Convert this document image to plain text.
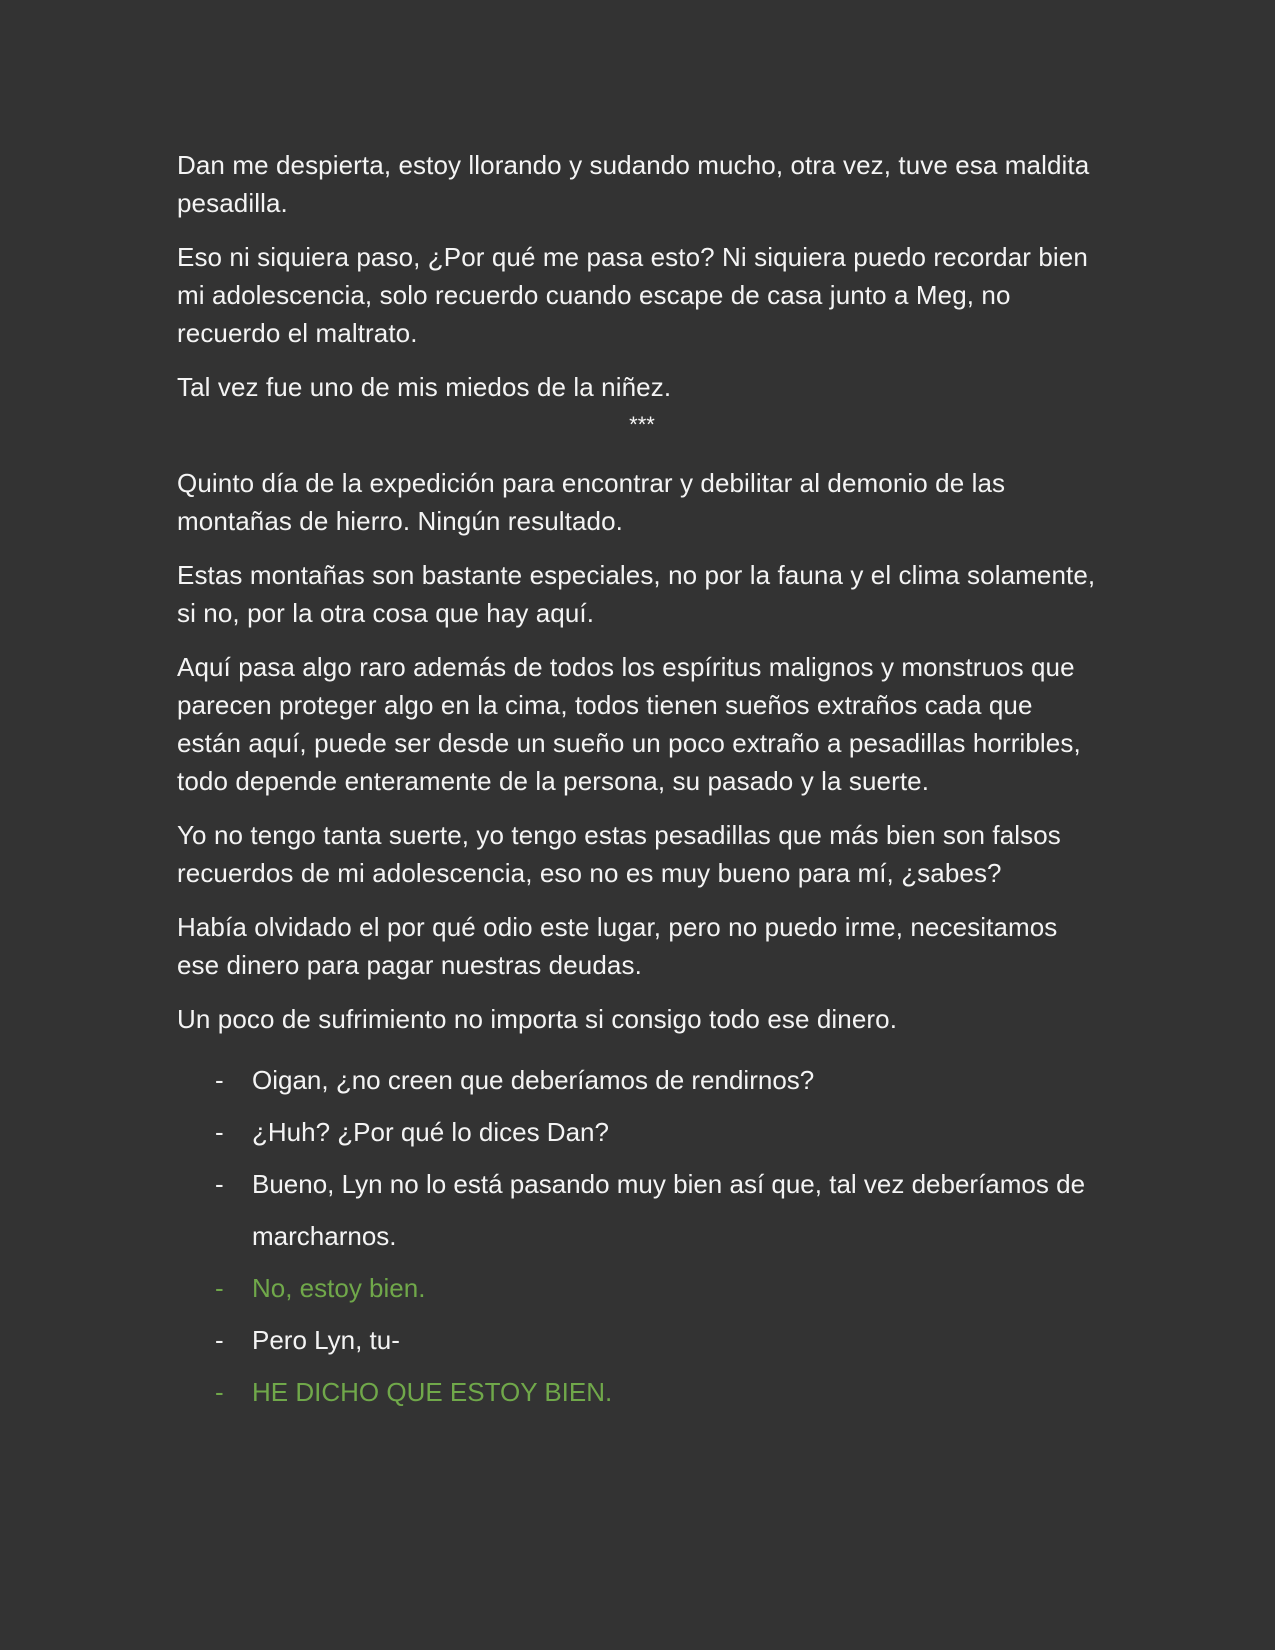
Dan me despierta, estoy llorando y sudando mucho, otra vez, tuve esa maldita pesadilla.

Eso ni siquiera paso, ¿Por qué me pasa esto? Ni siquiera puedo recordar bien mi adolescencia, solo recuerdo cuando escape de casa junto a Meg, no recuerdo el maltrato.

Tal vez fue uno de mis miedos de la niñez.

***

Quinto día de la expedición para encontrar y debilitar al demonio de las montañas de hierro. Ningún resultado.

Estas montañas son bastante especiales, no por la fauna y el clima solamente, si no, por la otra cosa que hay aquí.

Aquí pasa algo raro además de todos los espíritus malignos y monstruos que parecen proteger algo en la cima, todos tienen sueños extraños cada que están aquí, puede ser desde un sueño un poco extraño a pesadillas horribles, todo depende enteramente de la persona, su pasado y la suerte.

Yo no tengo tanta suerte, yo tengo estas pesadillas que más bien son falsos recuerdos de mi adolescencia, eso no es muy bueno para mí, ¿sabes?

Había olvidado el por qué odio este lugar, pero no puedo irme, necesitamos ese dinero para pagar nuestras deudas.

Un poco de sufrimiento no importa si consigo todo ese dinero.

- Oigan, ¿no creen que deberíamos de rendirnos?
- ¿Huh? ¿Por qué lo dices Dan?
- Bueno, Lyn no lo está pasando muy bien así que, tal vez deberíamos de marcharnos.
- No, estoy bien.
- Pero Lyn, tu-
- HE DICHO QUE ESTOY BIEN.
